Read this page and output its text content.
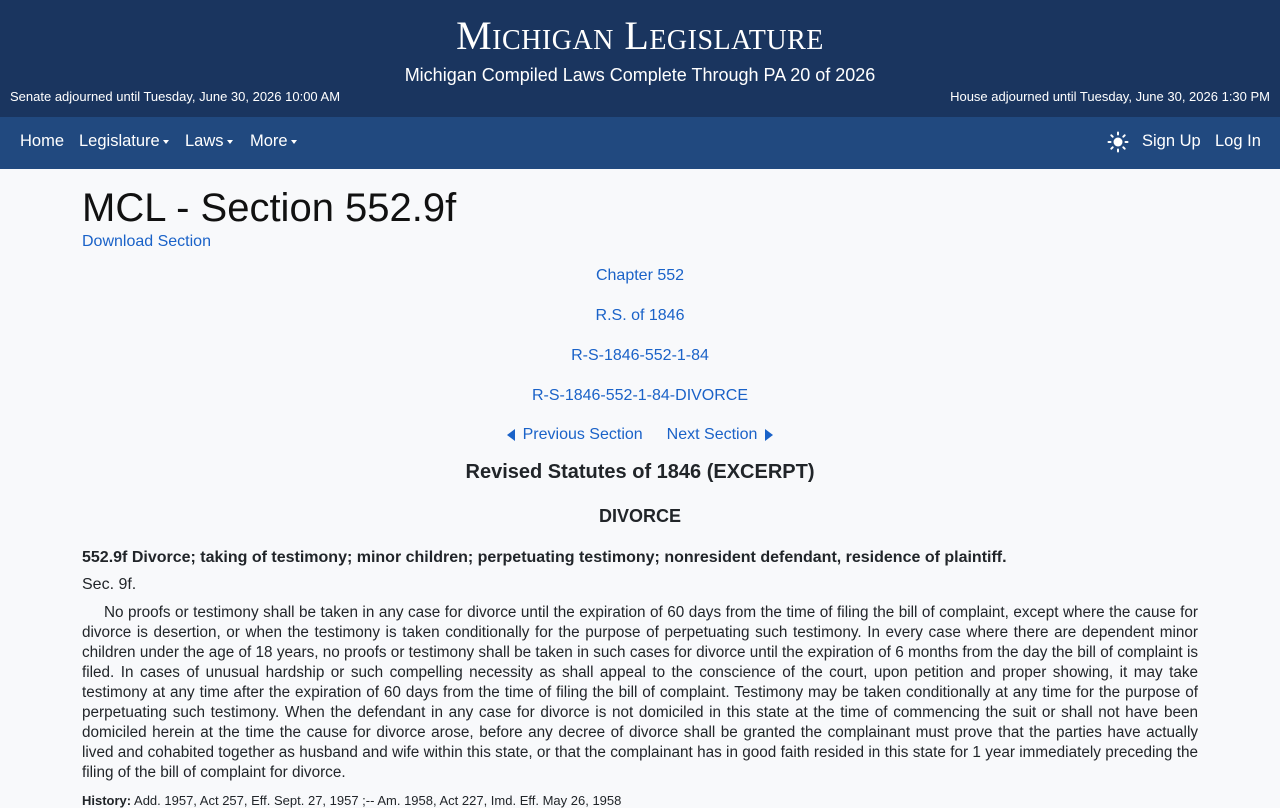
Michigan Legislature
Michigan Compiled Laws Complete Through PA 20 of 2026
Senate adjourned until Tuesday, June 30, 2026 10:00 AM	House adjourned until Tuesday, June 30, 2026 1:30 PM
Home Legislature	Laws	More	Sign Up Log In
MCL - Section 552.9f
Download Section
Chapter 552
R.S. of 1846
R-S-1846-552-1-84
R-S-1846-552-1-84-DIVORCE
Previous Section Next Section
Revised Statutes of 1846 (EXCERPT)
DIVORCE
552.9f Divorce; taking of testimony; minor children; perpetuating testimony; nonresident defendant, residence of plaintiff.
Sec. 9f.

No proofs or testimony shall be taken in any case for divorce until the expiration of 60 days from the time of filing the bill of complaint, except where the cause for divorce is desertion, or when the testimony is taken conditionally for the purpose of perpetuating such testimony. In every case where there are dependent minor children under the age of 18 years, no proofs or testimony shall be taken in such cases for divorce until the expiration of 6 months from the day the bill of complaint is filed. In cases of unusual hardship or such compelling necessity as shall appeal to the conscience of the court, upon petition and proper showing, it may take testimony at any time after the expiration of 60 days from the time of filing the bill of complaint. Testimony may be taken conditionally at any time for the purpose of perpetuating such testimony. When the defendant in any case for divorce is not domiciled in this state at the time of commencing the suit or shall not have been domiciled herein at the time the cause for divorce arose, before any decree of divorce shall be granted the complainant must prove that the parties have actually lived and cohabited together as husband and wife within this state, or that the complainant has in good faith resided in this state for 1 year immediately preceding the filing of the bill of complaint for divorce.

History: Add. 1957, Act 257, Eff. Sept. 27, 1957 ;-- Am. 1958, Act 227, Imd. Eff. May 26, 1958
